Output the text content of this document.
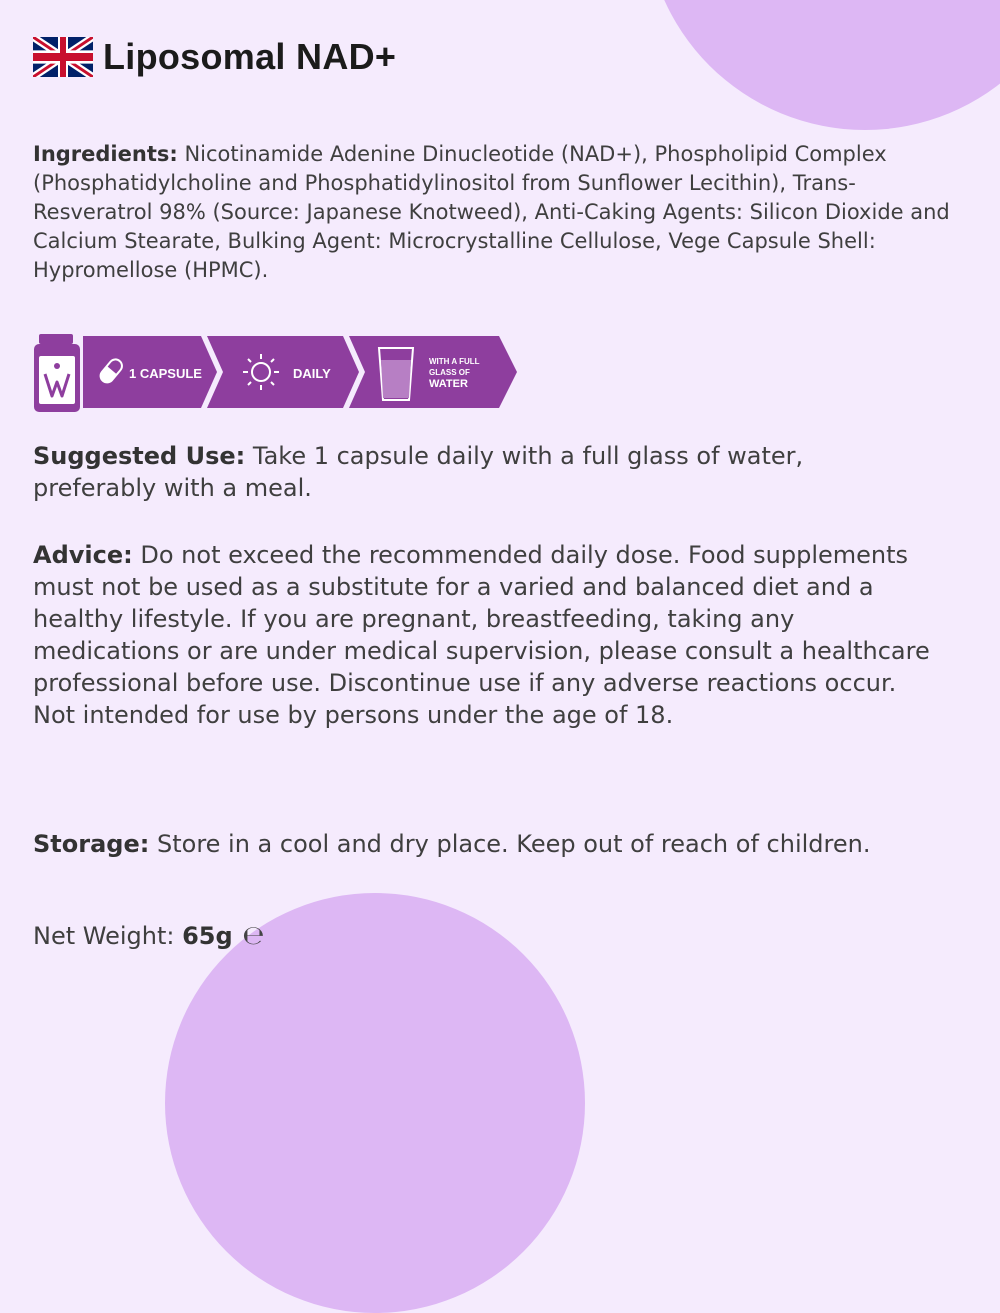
Liposomal NAD+
Ingredients: Nicotinamide Adenine Dinucleotide (NAD+), Phospholipid Complex (Phosphatidylcholine and Phosphatidylinositol from Sunflower Lecithin), Trans-Resveratrol 98% (Source: Japanese Knotweed), Anti-Caking Agents: Silicon Dioxide and Calcium Stearate, Bulking Agent: Microcrystalline Cellulose, Vege Capsule Shell: Hypromellose (HPMC).
1 CAPSULE	DAILY
WITH A FULL
GLASS OF
WATER
Suggested Use: Take 1 capsule daily with a full glass of water, preferably with a meal.
Advice: Do not exceed the recommended daily dose. Food supplements must not be used as a substitute for a varied and balanced diet and a healthy lifestyle. If you are pregnant, breastfeeding, taking any medications or are under medical supervision, please consult a healthcare professional before use. Discontinue use if any adverse reactions occur. Not intended for use by persons under the age of 18.
Storage: Store in a cool and dry place. Keep out of reach of children.
Net Weight: 65g ℮
